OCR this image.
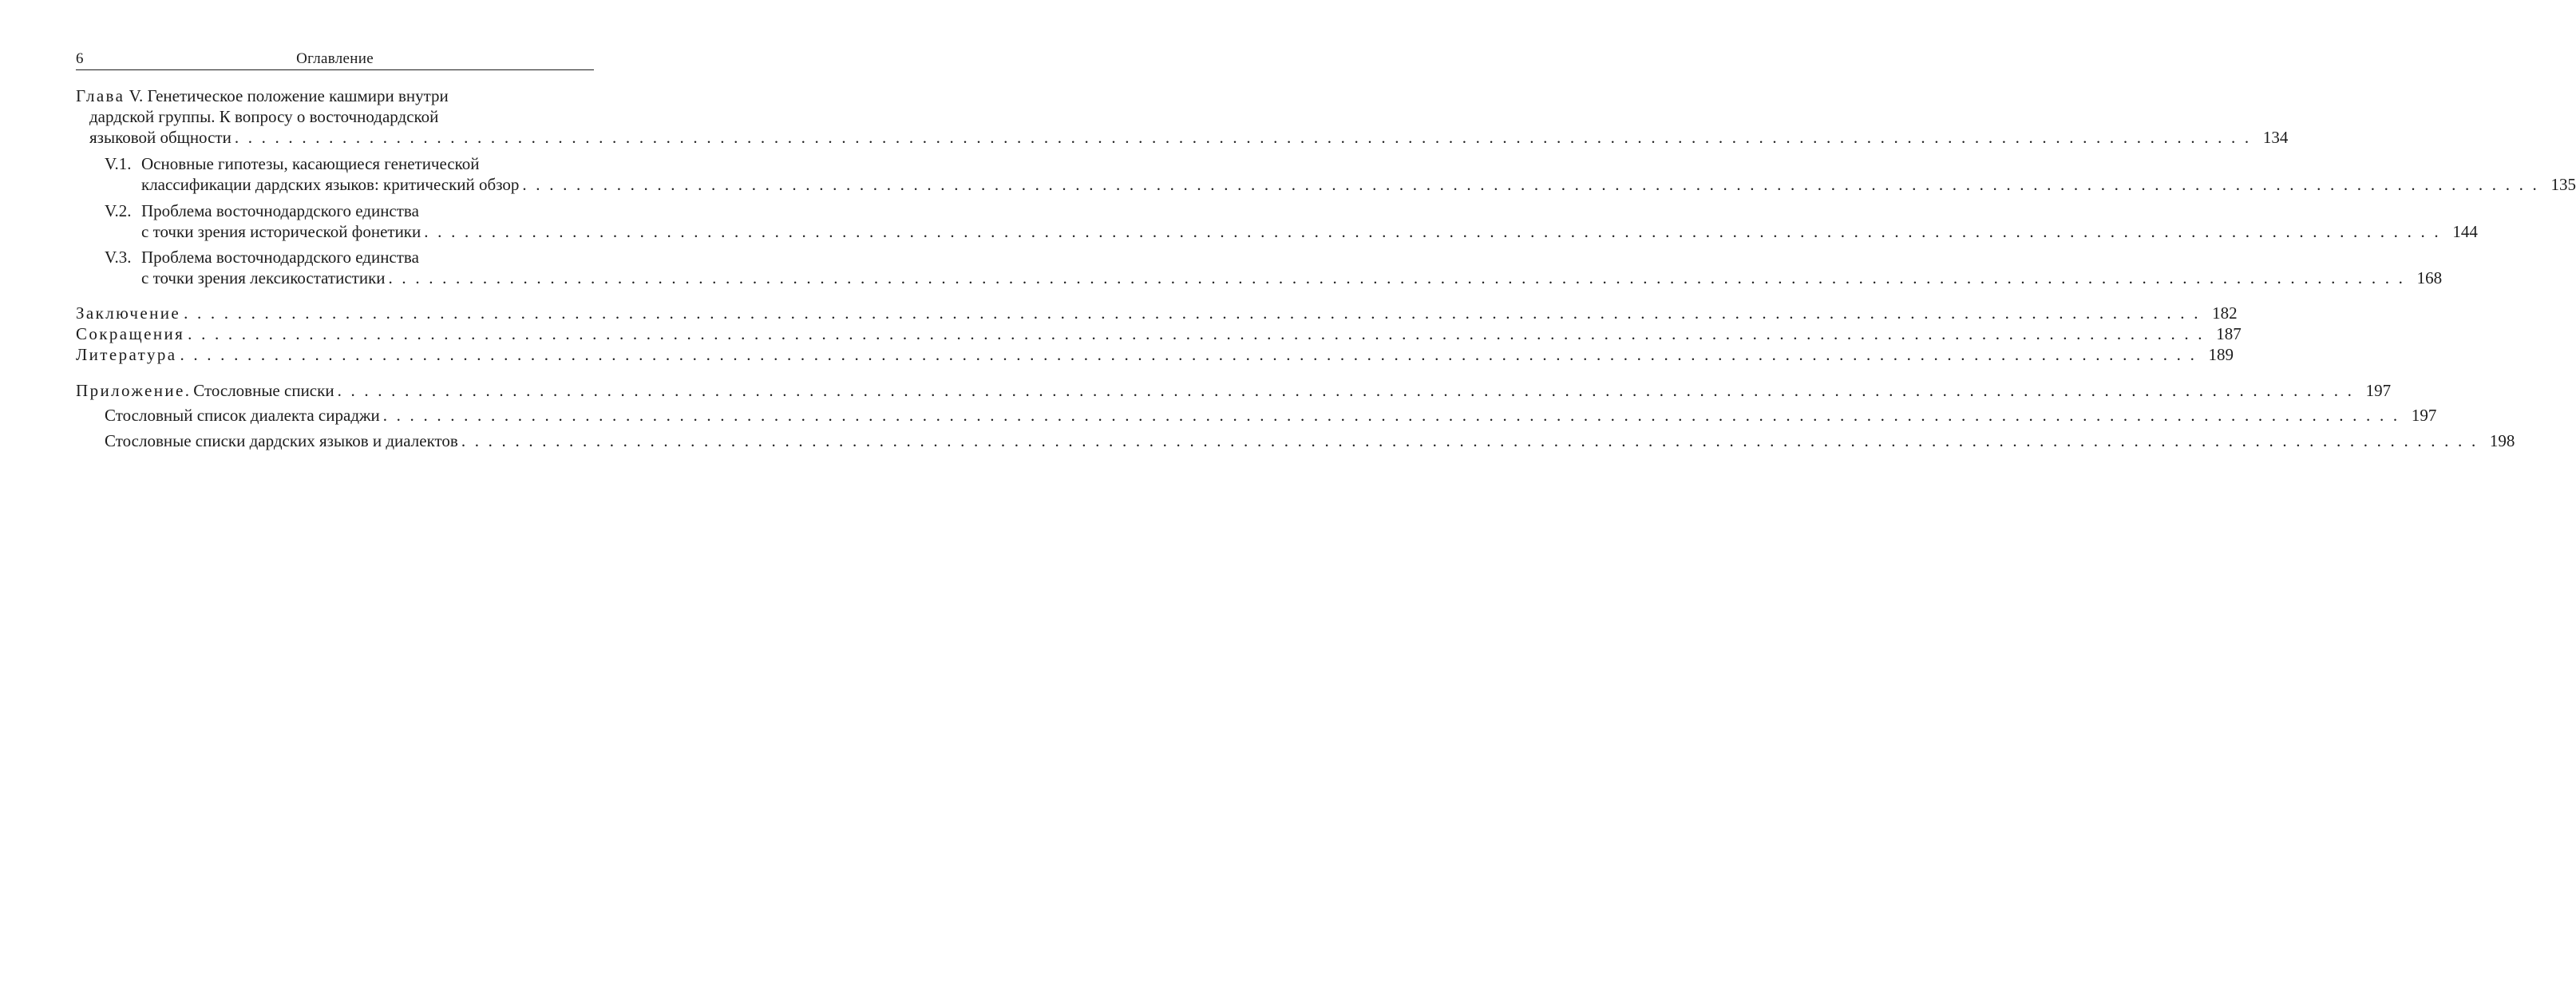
6	Оглавление
Глава V. Генетическое положение кашмири внутри
дардской группы. К вопросу о восточнодардской
языковой общности . . . . . . . . . . . . . . . . . . . . . . . . . . . . . . . . . . . . . . . . . . . . . . . . . . . . . . . . . . . . . . . . . . . . . . . . . . . . . . . . . . . . . . . . . . . . . . . . . . . . . . . . . . . . . . . . . . . . . . . . . . . . . . . . . . . . . . . . . . . . . . . . . . . . . . 134
V.1. Основные гипотезы, касающиеся генетической
классификации дардских языков: критический обзор . . . . . . . . . . . . . . . . . . . . . . . . . . . . . . . . . . . . . . . . . . . . . . . . . . . . . . . . . . . . . . . . . . . . . . . . . . . . . . . . . . . . . . . . . . . . . . . . . . . . . . . . . . . . . . . . . . . . . . . . . . . . . . . . . . . . . . . . . . . . . . . . . . . . . . 135
V.2. Проблема восточнодардского единства
с точки зрения исторической фонетики . . . . . . . . . . . . . . . . . . . . . . . . . . . . . . . . . . . . . . . . . . . . . . . . . . . . . . . . . . . . . . . . . . . . . . . . . . . . . . . . . . . . . . . . . . . . . . . . . . . . . . . . . . . . . . . . . . . . . . . . . . . . . . . . . . . . . . . . . . . . . . . . . . . . . . 144
V.3. Проблема восточнодардского единства
с точки зрения лексикостатистики . . . . . . . . . . . . . . . . . . . . . . . . . . . . . . . . . . . . . . . . . . . . . . . . . . . . . . . . . . . . . . . . . . . . . . . . . . . . . . . . . . . . . . . . . . . . . . . . . . . . . . . . . . . . . . . . . . . . . . . . . . . . . . . . . . . . . . . . . . . . . . . . . . . . . . 168
Заключение . . . . . . . . . . . . . . . . . . . . . . . . . . . . . . . . . . . . . . . . . . . . . . . . . . . . . . . . . . . . . . . . . . . . . . . . . . . . . . . . . . . . . . . . . . . . . . . . . . . . . . . . . . . . . . . . . . . . . . . . . . . . . . . . . . . . . . . . . . . . . . . . . . . . . . 182
Сокращения . . . . . . . . . . . . . . . . . . . . . . . . . . . . . . . . . . . . . . . . . . . . . . . . . . . . . . . . . . . . . . . . . . . . . . . . . . . . . . . . . . . . . . . . . . . . . . . . . . . . . . . . . . . . . . . . . . . . . . . . . . . . . . . . . . . . . . . . . . . . . . . . . . . . . . 187
Литература . . . . . . . . . . . . . . . . . . . . . . . . . . . . . . . . . . . . . . . . . . . . . . . . . . . . . . . . . . . . . . . . . . . . . . . . . . . . . . . . . . . . . . . . . . . . . . . . . . . . . . . . . . . . . . . . . . . . . . . . . . . . . . . . . . . . . . . . . . . . . . . . . . . . . . 189
Приложение. Стословные списки . . . . . . . . . . . . . . . . . . . . . . . . . . . . . . . . . . . . . . . . . . . . . . . . . . . . . . . . . . . . . . . . . . . . . . . . . . . . . . . . . . . . . . . . . . . . . . . . . . . . . . . . . . . . . . . . . . . . . . . . . . . . . . . . . . . . . . . . . . . . . . . . . . . . . . 197
Стословный список диалекта сираджи . . . . . . . . . . . . . . . . . . . . . . . . . . . . . . . . . . . . . . . . . . . . . . . . . . . . . . . . . . . . . . . . . . . . . . . . . . . . . . . . . . . . . . . . . . . . . . . . . . . . . . . . . . . . . . . . . . . . . . . . . . . . . . . . . . . . . . . . . . . . . . . . . . . . . . 197
Стословные списки дардских языков и диалектов . . . . . . . . . . . . . . . . . . . . . . . . . . . . . . . . . . . . . . . . . . . . . . . . . . . . . . . . . . . . . . . . . . . . . . . . . . . . . . . . . . . . . . . . . . . . . . . . . . . . . . . . . . . . . . . . . . . . . . . . . . . . . . . . . . . . . . . . . . . . . . . . . . . . . . 198
